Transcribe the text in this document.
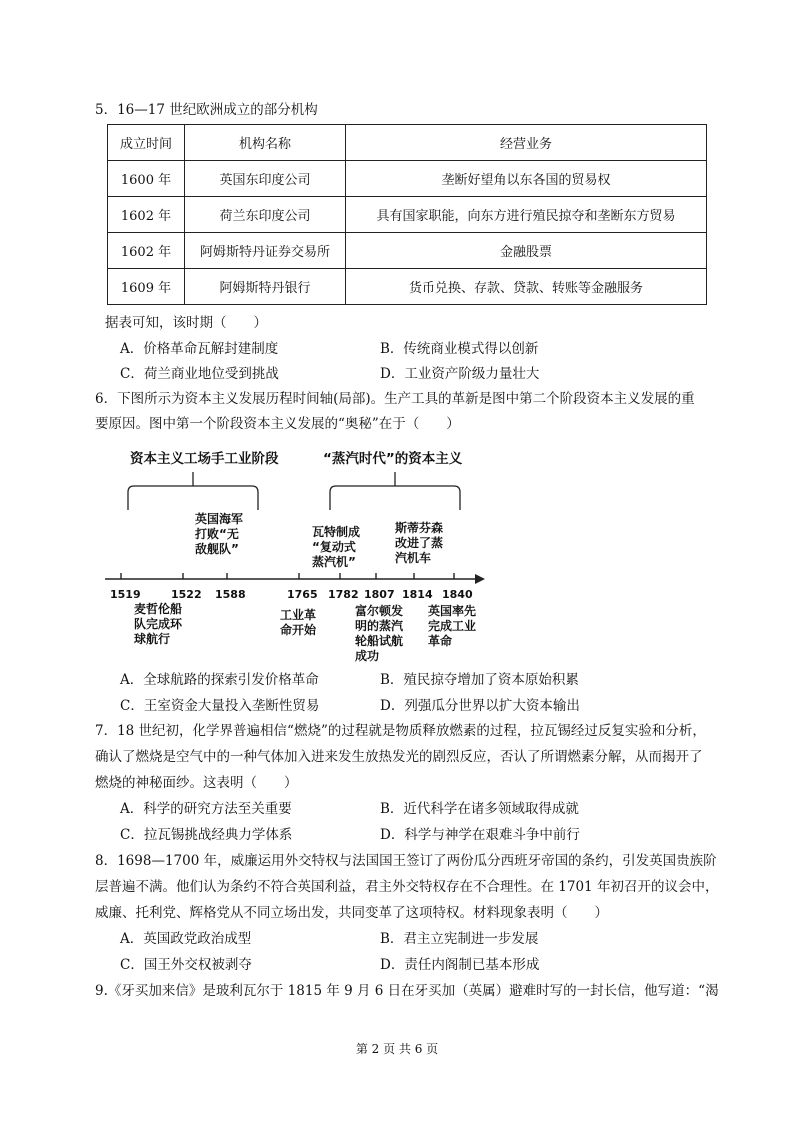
5．16—17 世纪欧洲成立的部分机构
成立时间	机构名称	经营业务
1600 年	英国东印度公司	垄断好望角以东各国的贸易权
1602 年	荷兰东印度公司	具有国家职能，向东方进行殖民掠夺和垄断东方贸易
1602 年	阿姆斯特丹证券交易所	金融股票
1609 年	阿姆斯特丹银行	货币兑换、存款、贷款、转账等金融服务
据表可知，该时期（　　）
A．价格革命瓦解封建制度	B．传统商业模式得以创新
C．荷兰商业地位受到挑战	D．工业资产阶级力量壮大
6．下图所示为资本主义发展历程时间轴(局部)。生产工具的革新是图中第二个阶段资本主义发展的重
要原因。图中第一个阶段资本主义发展的“奥秘”在于（　　）
资本主义工场手工业阶段	“蒸汽时代”的资本主义
英国海军
打败“无
敌舰队”
瓦特制成
“复动式
蒸汽机”
斯蒂芬森
改进了蒸
汽机车
1519	1522 1588	1765 1782 1807 1814 1840
麦哲伦船
队完成环
球航行
工业革
命开始
富尔顿发
明的蒸汽
轮船试航
成功
英国率先
完成工业
革命
A．全球航路的探索引发价格革命	B．殖民掠夺增加了资本原始积累
C．王室资金大量投入垄断性贸易	D．列强瓜分世界以扩大资本输出
7．18 世纪初，化学界普遍相信“燃烧”的过程就是物质释放燃素的过程，拉瓦锡经过反复实验和分析，
确认了燃烧是空气中的一种气体加入进来发生放热发光的剧烈反应，否认了所谓燃素分解，从而揭开了
燃烧的神秘面纱。这表明（　　）
A．科学的研究方法至关重要	B．近代科学在诸多领域取得成就
C．拉瓦锡挑战经典力学体系	D．科学与神学在艰难斗争中前行
8．1698—1700 年，威廉运用外交特权与法国国王签订了两份瓜分西班牙帝国的条约，引发英国贵族阶
层普遍不满。他们认为条约不符合英国利益，君主外交特权存在不合理性。在 1701 年初召开的议会中，
威廉、托利党、辉格党从不同立场出发，共同变革了这项特权。材料现象表明（　　）
A．英国政党政治成型	B．君主立宪制进一步发展
C．国王外交权被剥夺	D．责任内阁制已基本形成
9.《牙买加来信》是玻利瓦尔于 1815 年 9 月 6 日在牙买加（英属）避难时写的一封长信，他写道：“渴
第 2 页 共 6 页
